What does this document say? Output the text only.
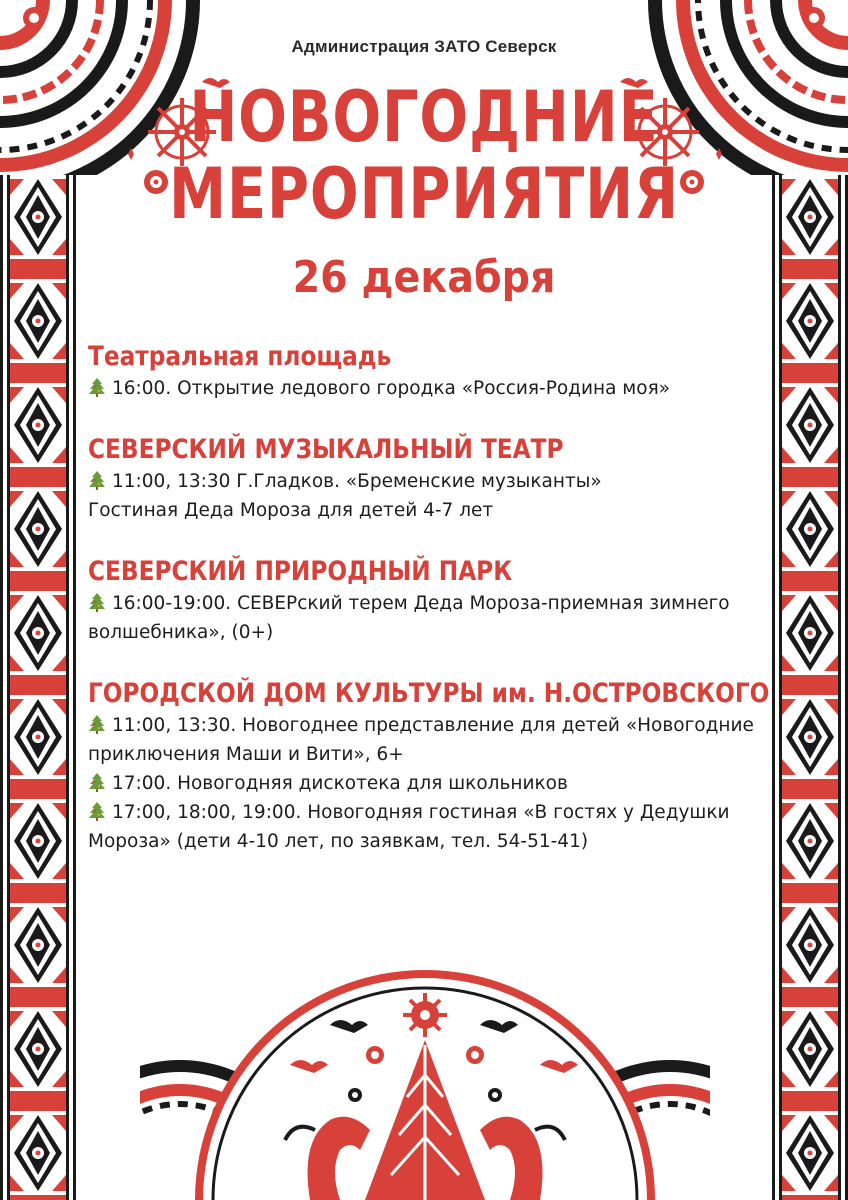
Администрация ЗАТО Северск
НОВОГОДНИЕ
МЕРОПРИЯТИЯ
26 декабря
Театральная площадь
16:00. Открытие ледового городка «Россия-Родина моя»
СЕВЕРСКИЙ МУЗЫКАЛЬНЫЙ ТЕАТР
11:00, 13:30 Г.Гладков. «Бременские музыканты»
Гостиная Деда Мороза для детей 4-7 лет
СЕВЕРСКИЙ ПРИРОДНЫЙ ПАРК
16:00-19:00. СЕВЕРский терем Деда Мороза-приемная зимнего волшебника», (0+)
ГОРОДСКОЙ ДОМ КУЛЬТУРЫ им. Н.ОСТРОВСКОГО
11:00, 13:30. Новогоднее представление для детей «Новогодние приключения Маши и Вити», 6+
17:00. Новогодняя дискотека для школьников
17:00, 18:00, 19:00. Новогодняя гостиная «В гостях у Дедушки Мороза» (дети 4-10 лет, по заявкам, тел. 54-51-41)
